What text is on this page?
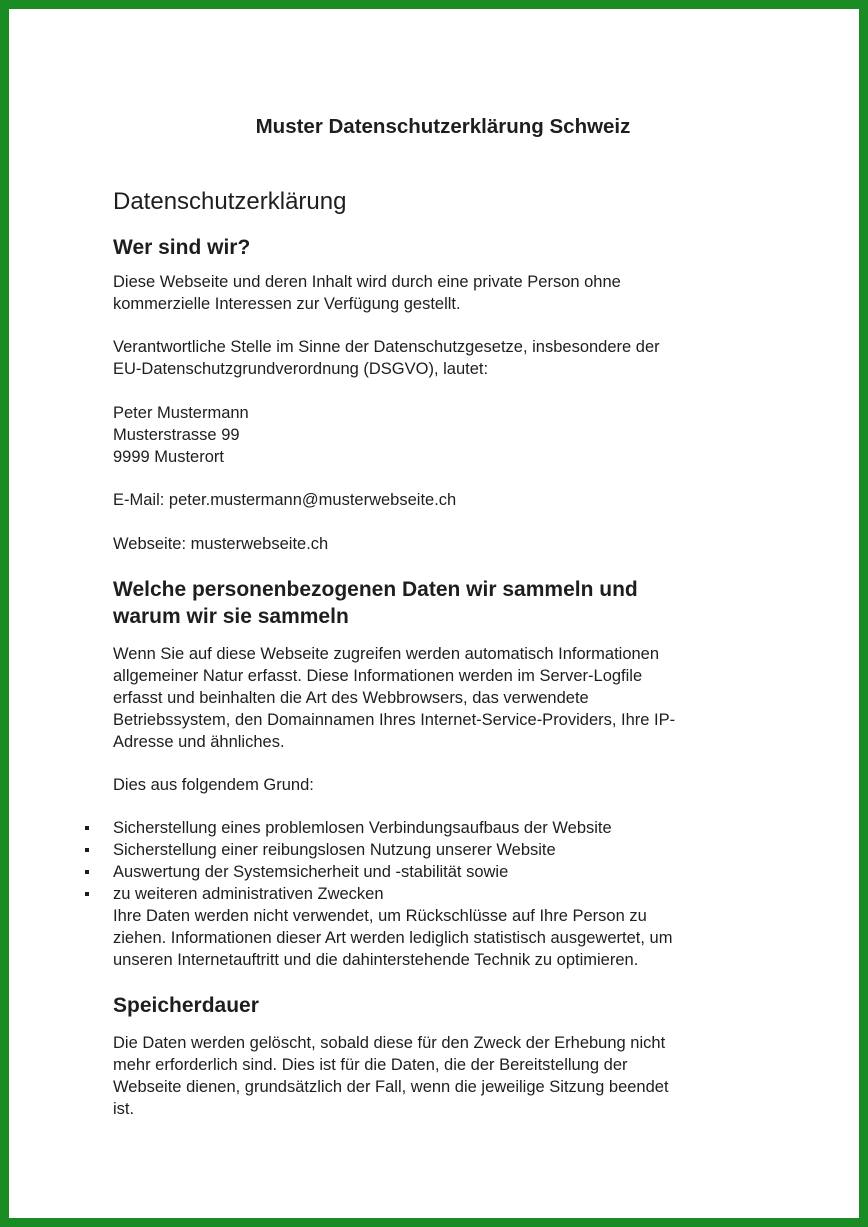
Muster Datenschutzerklärung Schweiz
Datenschutzerklärung
Wer sind wir?

Diese Webseite und deren Inhalt wird durch eine private Person ohne
kommerzielle Interessen zur Verfügung gestellt.

Verantwortliche Stelle im Sinne der Datenschutzgesetze, insbesondere der
EU-Datenschutzgrundverordnung (DSGVO), lautet:

Peter Mustermann
Musterstrasse 99
9999 Musterort

E-Mail: peter.mustermann@musterwebseite.ch

Webseite: musterwebseite.ch

Welche personenbezogenen Daten wir sammeln und
warum wir sie sammeln

Wenn Sie auf diese Webseite zugreifen werden automatisch Informationen
allgemeiner Natur erfasst. Diese Informationen werden im Server-Logfile
erfasst und beinhalten die Art des Webbrowsers, das verwendete
Betriebssystem, den Domainnamen Ihres Internet-Service-Providers, Ihre IP-
Adresse und ähnliches.

Dies aus folgendem Grund:

Sicherstellung eines problemlosen Verbindungsaufbaus der Website
Sicherstellung einer reibungslosen Nutzung unserer Website
Auswertung der Systemsicherheit und -stabilität sowie
zu weiteren administrativen Zwecken

Ihre Daten werden nicht verwendet, um Rückschlüsse auf Ihre Person zu
ziehen. Informationen dieser Art werden lediglich statistisch ausgewertet, um
unseren Internetauftritt und die dahinterstehende Technik zu optimieren.

Speicherdauer

Die Daten werden gelöscht, sobald diese für den Zweck der Erhebung nicht
mehr erforderlich sind. Dies ist für die Daten, die der Bereitstellung der
Webseite dienen, grundsätzlich der Fall, wenn die jeweilige Sitzung beendet
ist.
